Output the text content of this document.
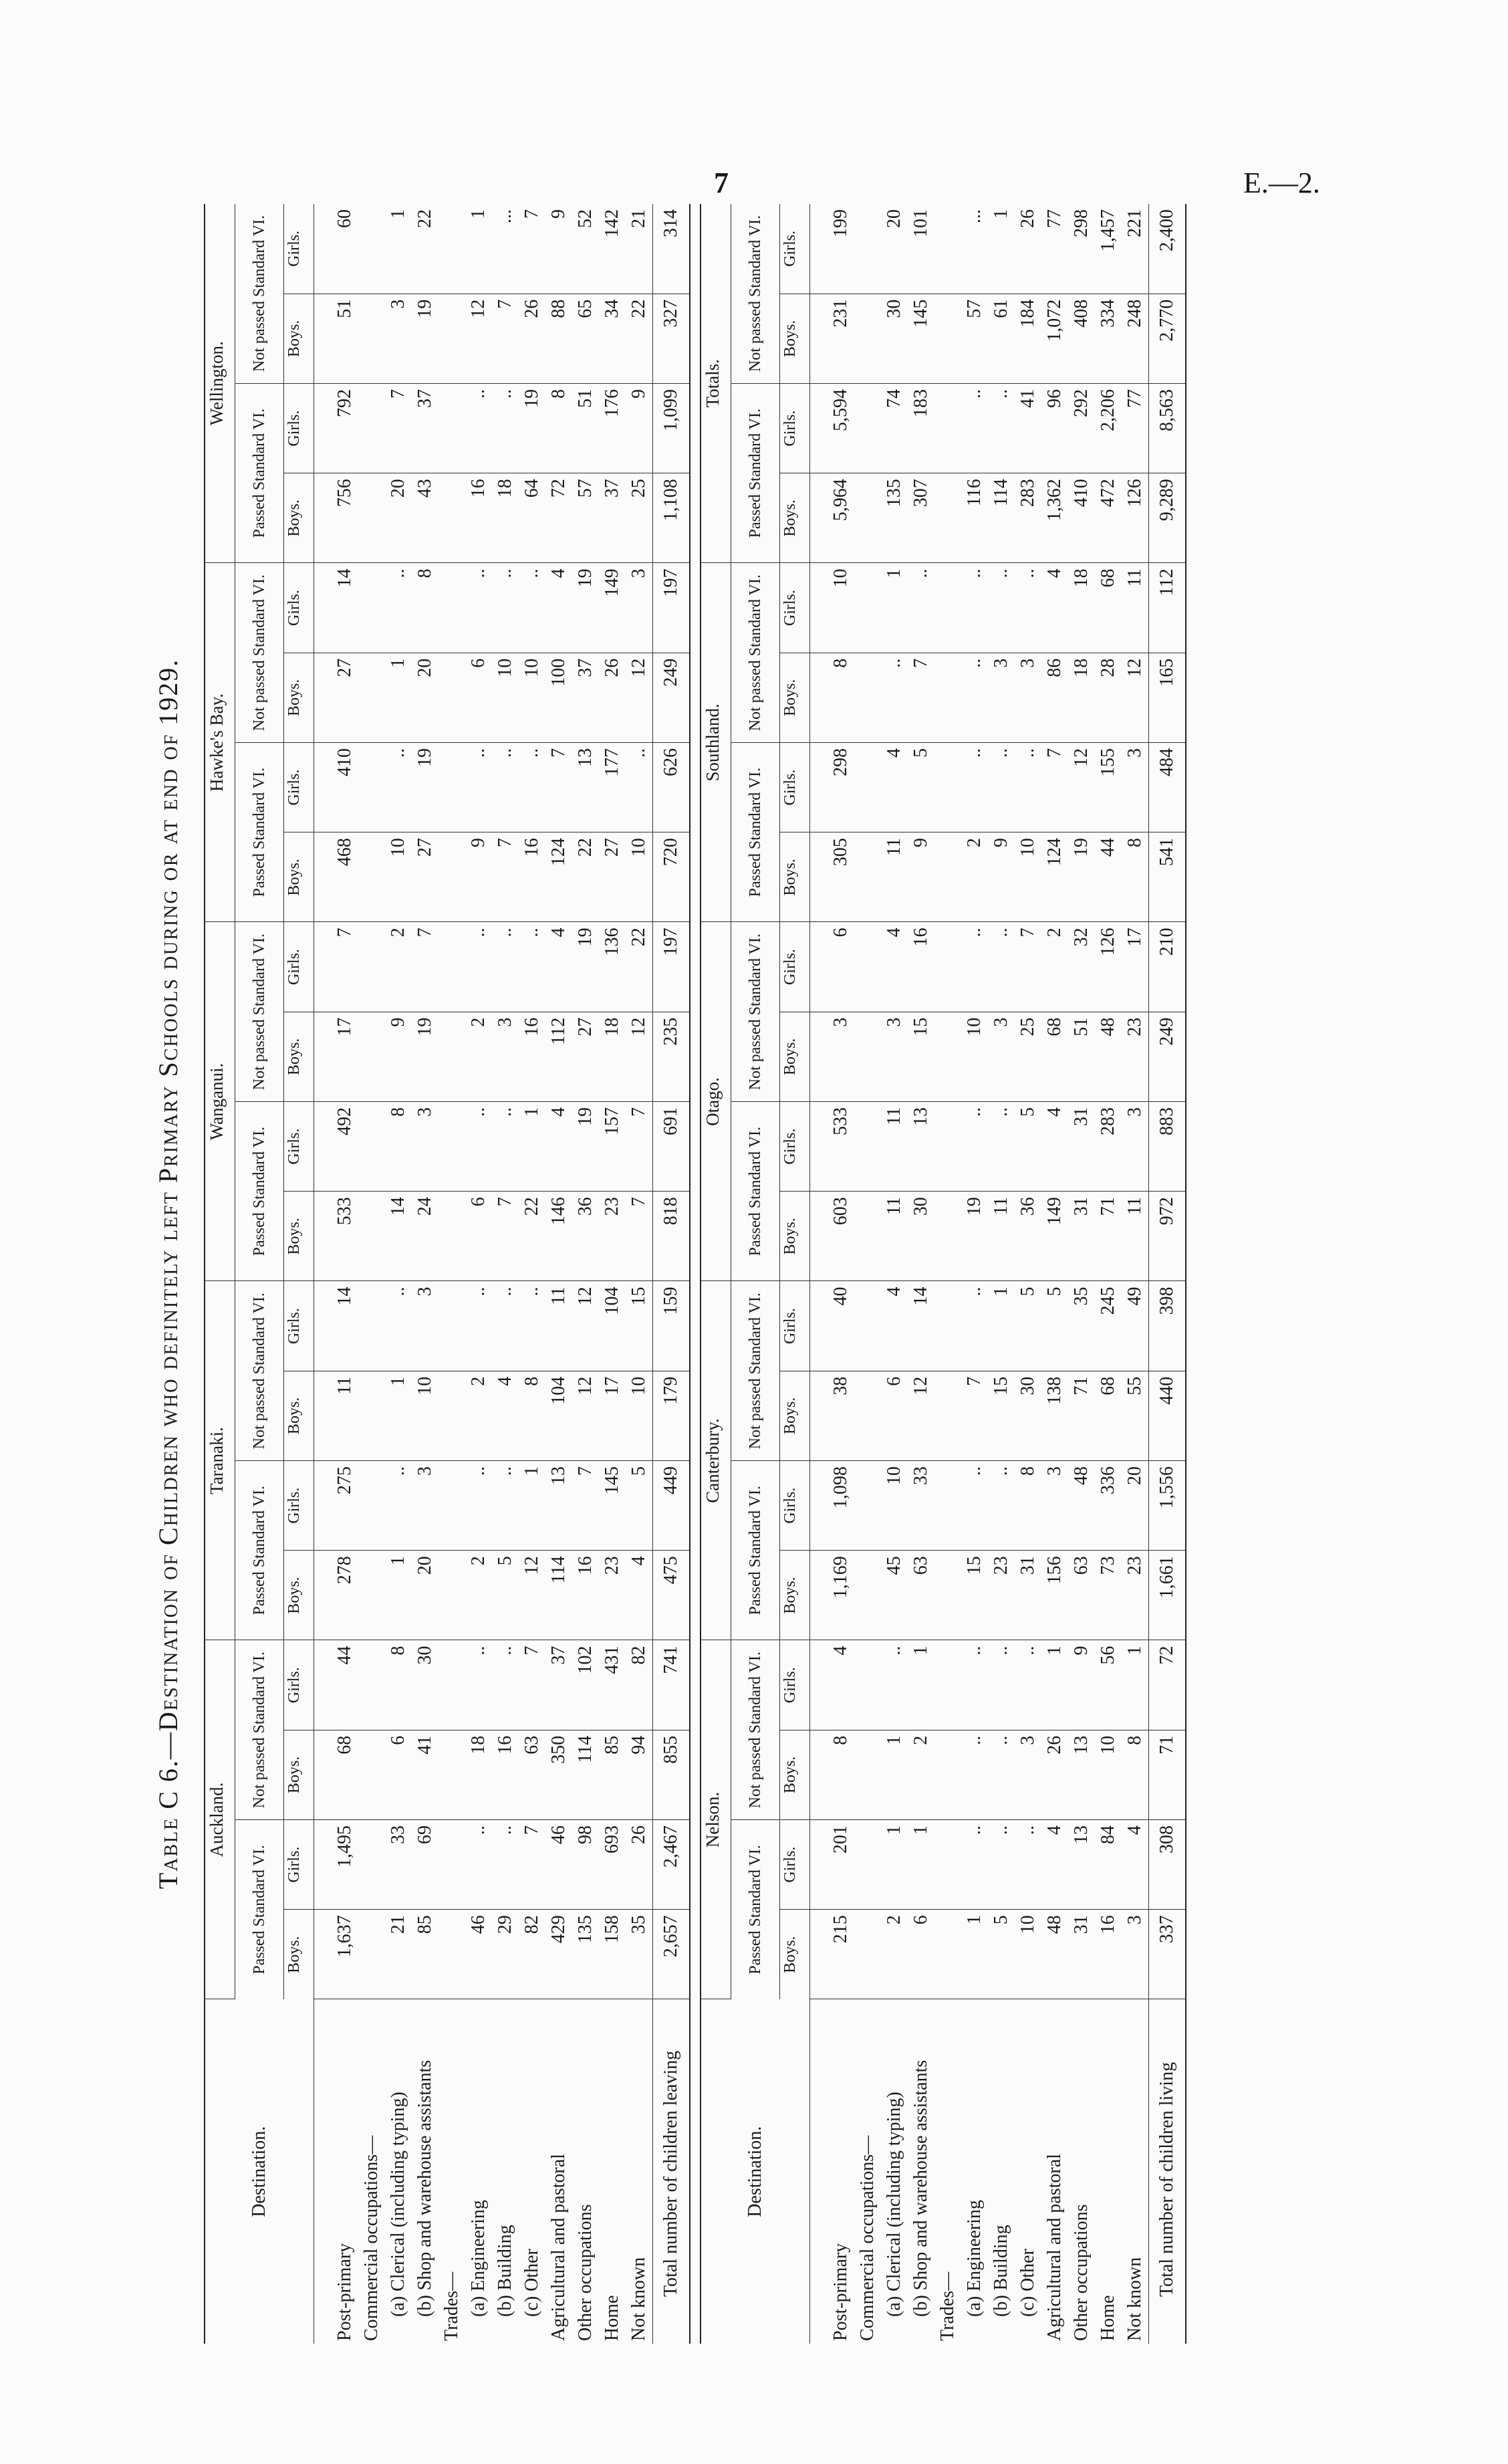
7	E.—2.
Table C 6.—Destination of Children who definitely left Primary Schools during or at end of 1929.
Destination.	Auckland.				Taranaki.				Wanganui.				Hawke's Bay.				Wellington.			
	Passed Standard VI.		Not passed Standard VI.		Passed Standard VI.		Not passed Standard VI.		Passed Standard VI.		Not passed Standard VI.		Passed Standard VI.		Not passed Standard VI.		Passed Standard VI.		Not passed Standard VI.	
	Boys.	Girls.	Boys.	Girls.	Boys.	Girls.	Boys.	Girls.	Boys.	Girls.	Boys.	Girls.	Boys.	Girls.	Boys.	Girls.	Boys.	Girls.	Boys.	Girls.

Post-primary	1,637	1,495	68	44	278	275	11	14	533	492	17	7	468	410	27	14	756	792	51	60
Commercial occupations—																				
(a) Clerical (including typing)	21	33	6	8	1	..	1	..	14	8	9	2	10	..	1	..	20	7	3	1
(b) Shop and warehouse assistants	85	69	41	30	20	3	10	3	24	3	19	7	27	19	20	8	43	37	19	22
Trades—																				
(a) Engineering	46	..	18	..	2	..	2	..	6	..	2	..	9	..	6	..	16	..	12	1
(b) Building	29	..	16	..	5	..	4	..	7	..	3	..	7	..	10	..	18	..	7	...
(c) Other	82	7	63	7	12	1	8	..	22	1	16	..	16	..	10	..	64	19	26	7
Agricultural and pastoral	429	46	350	37	114	13	104	11	146	4	112	4	124	7	100	4	72	8	88	9
Other occupations	135	98	114	102	16	7	12	12	36	19	27	19	22	13	37	19	57	51	65	52
Home	158	693	85	431	23	145	17	104	23	157	18	136	27	177	26	149	37	176	34	142
Not known	35	26	94	82	4	5	10	15	7	7	12	22	10	..	12	3	25	9	22	21
Total number of children leaving	2,657	2,467	855	741	475	449	179	159	818	691	235	197	720	626	249	197	1,108	1,099	327	314
Destination.	Nelson.				Canterbury.				Otago.				Southland.				Totals.			
	Passed Standard VI.		Not passed Standard VI.		Passed Standard VI.		Not passed Standard VI.		Passed Standard VI.		Not passed Standard VI.		Passed Standard VI.		Not passed Standard VI.		Passed Standard VI.		Not passed Standard VI.	
	Boys.	Girls.	Boys.	Girls.	Boys.	Girls.	Boys.	Girls.	Boys.	Girls.	Boys.	Girls.	Boys.	Girls.	Boys.	Girls.	Boys.	Girls.	Boys.	Girls.

Post-primary	215	201	8	4	1,169	1,098	38	40	603	533	3	6	305	298	8	10	5,964	5,594	231	199
Commercial occupations—																				
(a) Clerical (including typing)	2	1	1	..	45	10	6	4	11	11	3	4	11	4	..	1	135	74	30	20
(b) Shop and warehouse assistants	6	1	2	1	63	33	12	14	30	13	15	16	9	5	7	..	307	183	145	101
Trades—																				
(a) Engineering	1	..	..	..	15	..	7	..	19	..	10	..	2	..	..	..	116	..	57	...
(b) Building	5	..	..	..	23	..	15	1	11	..	3	..	9	..	3	..	114	..	61	1
(c) Other	10	..	3	..	31	8	30	5	36	5	25	7	10	..	3	..	283	41	184	26
Agricultural and pastoral	48	4	26	1	156	3	138	5	149	4	68	2	124	7	86	4	1,362	96	1,072	77
Other occupations	31	13	13	9	63	48	71	35	31	31	51	32	19	12	18	18	410	292	408	298
Home	16	84	10	56	73	336	68	245	71	283	48	126	44	155	28	68	472	2,206	334	1,457
Not known	3	4	8	1	23	20	55	49	11	3	23	17	8	3	12	11	126	77	248	221
Total number of children living	337	308	71	72	1,661	1,556	440	398	972	883	249	210	541	484	165	112	9,289	8,563	2,770	2,400
